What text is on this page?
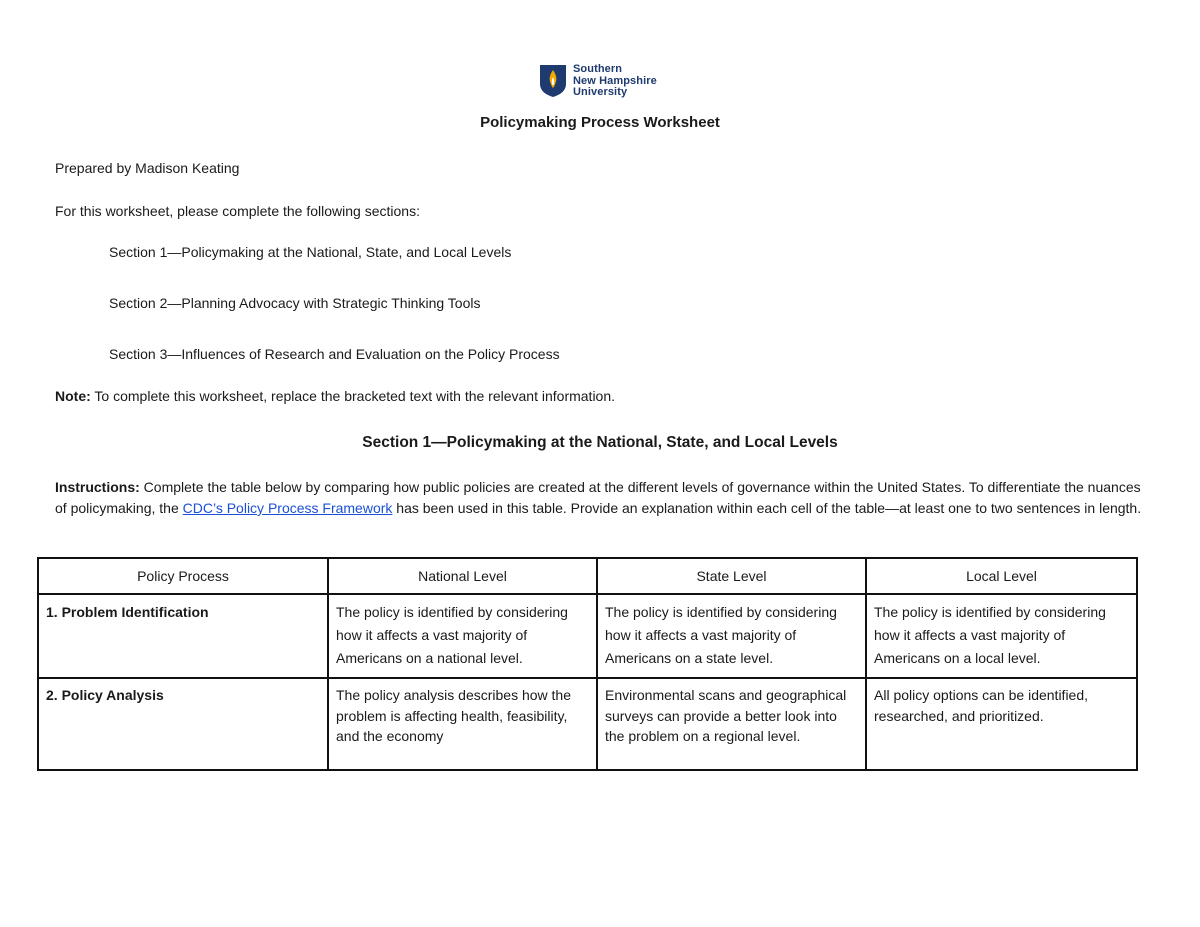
Southern
New Hampshire
University
Policymaking Process Worksheet
Prepared by Madison Keating
For this worksheet, please complete the following sections:
Section 1—Policymaking at the National, State, and Local Levels
Section 2—Planning Advocacy with Strategic Thinking Tools
Section 3—Influences of Research and Evaluation on the Policy Process
Note: To complete this worksheet, replace the bracketed text with the relevant information.
Section 1—Policymaking at the National, State, and Local Levels
Instructions: Complete the table below by comparing how public policies are created at the different levels of governance within the United States. To differentiate the nuances of policymaking, the CDC’s Policy Process Framework has been used in this table. Provide an explanation within each cell of the table—at least one to two sentences in length.
Policy Process	National Level	State Level	Local Level
1. Problem Identification	The policy is identified by considering how it affects a vast majority of Americans on a national level.	The policy is identified by considering how it affects a vast majority of Americans on a state level.	The policy is identified by considering how it affects a vast majority of Americans on a local level.
2. Policy Analysis	The policy analysis describes how the problem is affecting health, feasibility, and the economy	Environmental scans and geographical surveys can provide a better look into the problem on a regional level.	All policy options can be identified, researched, and prioritized.
